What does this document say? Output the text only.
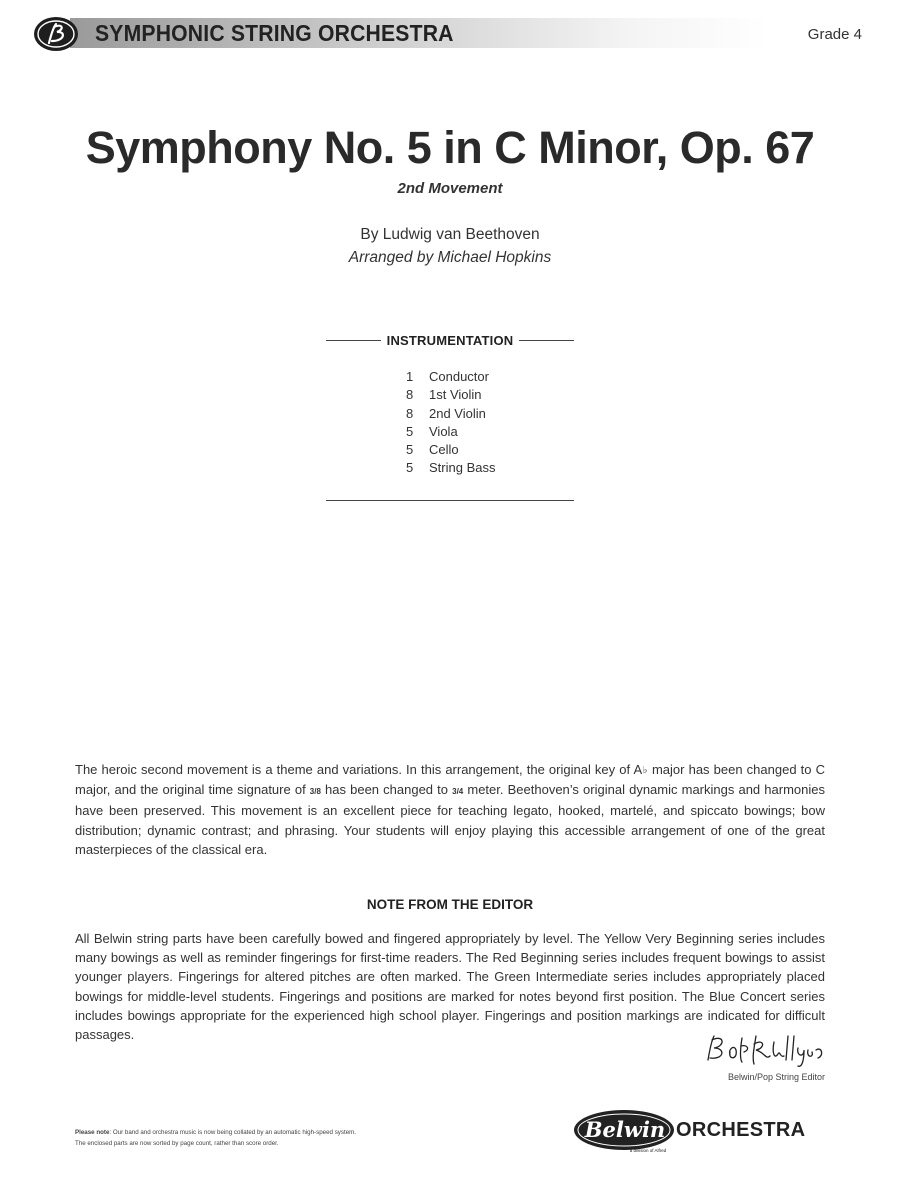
SYMPHONIC STRING ORCHESTRA	Grade 4
Symphony No. 5 in C Minor, Op. 67
2nd Movement
By Ludwig van Beethoven
Arranged by Michael Hopkins
INSTRUMENTATION
1	Conductor
8	1st Violin
8	2nd Violin
5	Viola
5	Cello
5	String Bass

The heroic second movement is a theme and variations. In this arrangement, the original key of A♭ major has been changed to C major, and the original time signature of 3/8 has been changed to 3/4 meter. Beethoven’s original dynamic markings and harmonies have been preserved. This movement is an excellent piece for teaching legato, hooked, martelé, and spiccato bowings; bow distribution; dynamic contrast; and phrasing. Your students will enjoy playing this accessible arrangement of one of the great masterpieces of the classical era.

NOTE FROM THE EDITOR

All Belwin string parts have been carefully bowed and fingered appropriately by level. The Yellow Very Beginning series includes many bowings as well as reminder fingerings for first-time readers. The Red Beginning series includes frequent bowings to assist younger players. Fingerings for altered pitches are often marked. The Green Intermediate series includes appropriately placed bowings for middle-level students. Fingerings and positions are marked for notes beyond first position. The Blue Concert series includes bowings appropriate for the experienced high school player. Fingerings and position markings are indicated for difficult passages.

Belwin/Pop String Editor
Please note: Our band and orchestra music is now being collated by an automatic high-speed system.
The enclosed parts are now sorted by page count, rather than score order.
Belwin
a division of Alfred
ORCHESTRA
